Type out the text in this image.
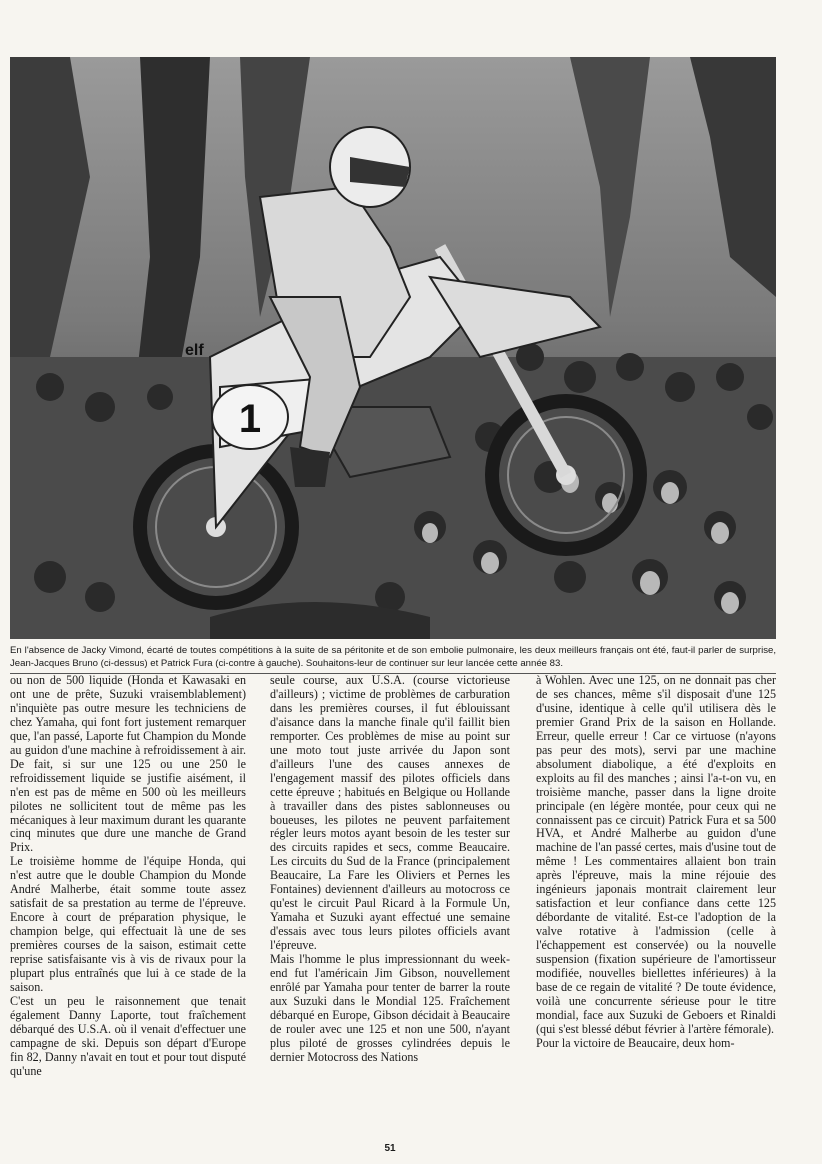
1
elf
En l'absence de Jacky Vimond, écarté de toutes compétitions à la suite de sa péritonite et de son embolie pulmonaire, les deux meilleurs français ont été, faut-il parler de surprise, Jean-Jacques Bruno (ci-dessus) et Patrick Fura (ci-contre à gauche). Souhaitons-leur de continuer sur leur lancée cette année 83.

ou non de 500 liquide (Honda et Kawasaki en ont une de prête, Suzuki vraisemblablement) n'inquiète pas outre mesure les techniciens de chez Yamaha, qui font fort justement remarquer que, l'an passé, Laporte fut Champion du Monde au guidon d'une machine à refroidissement à air. De fait, si sur une 125 ou une 250 le refroidissement liquide se justifie aisément, il n'en est pas de même en 500 où les meilleurs pilotes ne sollicitent tout de même pas les mécaniques à leur maximum durant les quarante cinq minutes que dure une manche de Grand Prix.

Le troisième homme de l'équipe Honda, qui n'est autre que le double Champion du Monde André Malherbe, était somme toute assez satisfait de sa prestation au terme de l'épreuve. Encore à court de préparation physique, le champion belge, qui effectuait là une de ses premières courses de la saison, estimait cette reprise satisfaisante vis à vis de rivaux pour la plupart plus entraînés que lui à ce stade de la saison.

C'est un peu le raisonnement que tenait également Danny Laporte, tout fraîchement débarqué des U.S.A. où il venait d'effectuer une campagne de ski. Depuis son départ d'Europe fin 82, Danny n'avait en tout et pour tout disputé qu'une

seule course, aux U.S.A. (course victorieuse d'ailleurs) ; victime de problèmes de carburation dans les premières courses, il fut éblouissant d'aisance dans la manche finale qu'il faillit bien remporter. Ces problèmes de mise au point sur une moto tout juste arrivée du Japon sont d'ailleurs l'une des causes annexes de l'engagement massif des pilotes officiels dans cette épreuve ; habitués en Belgique ou Hollande à travailler dans des pistes sablonneuses ou boueuses, les pilotes ne peuvent parfaitement régler leurs motos ayant besoin de les tester sur des circuits rapides et secs, comme Beaucaire. Les circuits du Sud de la France (principalement Beaucaire, La Fare les Oliviers et Pernes les Fontaines) deviennent d'ailleurs au motocross ce qu'est le circuit Paul Ricard à la Formule Un, Yamaha et Suzuki ayant effectué une semaine d'essais avec tous leurs pilotes officiels avant l'épreuve.

Mais l'homme le plus impressionnant du week-end fut l'américain Jim Gibson, nouvellement enrôlé par Yamaha pour tenter de barrer la route aux Suzuki dans le Mondial 125. Fraîchement débarqué en Europe, Gibson décidait à Beaucaire de rouler avec une 125 et non une 500, n'ayant plus piloté de grosses cylindrées depuis le dernier Motocross des Nations

à Wohlen. Avec une 125, on ne donnait pas cher de ses chances, même s'il disposait d'une 125 d'usine, identique à celle qu'il utilisera dès le premier Grand Prix de la saison en Hollande. Erreur, quelle erreur ! Car ce virtuose (n'ayons pas peur des mots), servi par une machine absolument diabolique, a été d'exploits en exploits au fil des manches ; ainsi l'a-t-on vu, en troisième manche, passer dans la ligne droite principale (en légère montée, pour ceux qui ne connaissent pas ce circuit) Patrick Fura et sa 500 HVA, et André Malherbe au guidon d'une machine de l'an passé certes, mais d'usine tout de même ! Les commentaires allaient bon train après l'épreuve, mais la mine réjouie des ingénieurs japonais montrait clairement leur satisfaction et leur confiance dans cette 125 débordante de vitalité. Est-ce l'adoption de la valve rotative à l'admission (celle à l'échappement est conservée) ou la nouvelle suspension (fixation supérieure de l'amortisseur modifiée, nouvelles biellettes inférieures) à la base de ce regain de vitalité ? De toute évidence, voilà une concurrente sérieuse pour le titre mondial, face aux Suzuki de Geboers et Rinaldi (qui s'est blessé début février à l'artère fémorale).

Pour la victoire de Beaucaire, deux hom-

51
